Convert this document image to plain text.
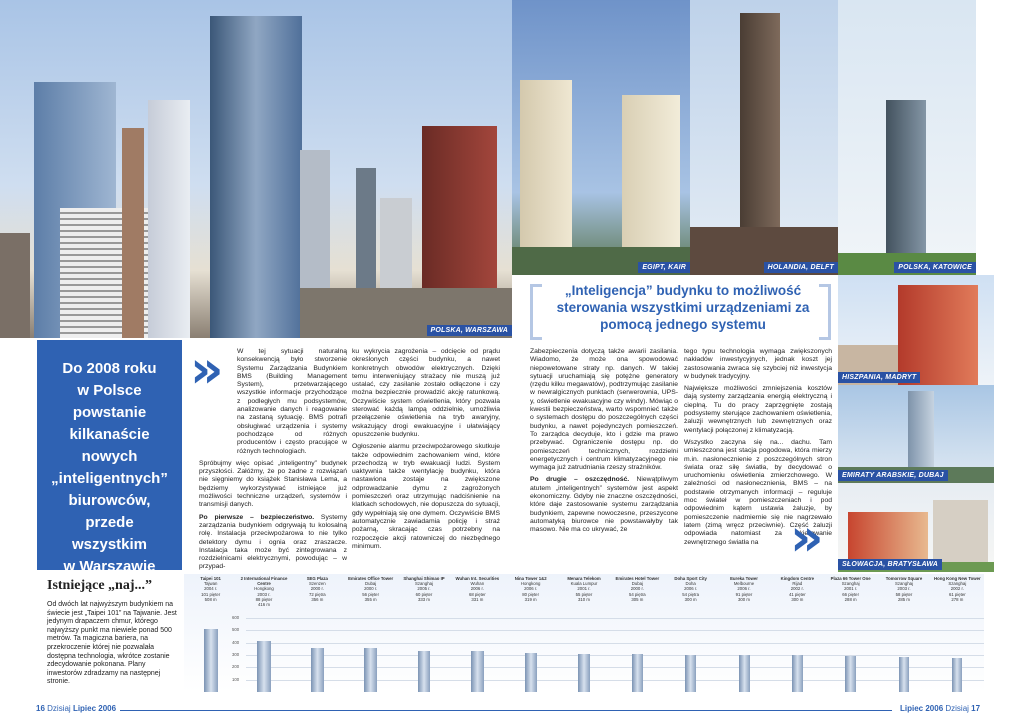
POLSKA, WARSZAWA
Do 2008 roku
w Polsce
powstanie
kilkanaście
nowych
„inteligentnych”
biurowców,
przede
wszystkim
w Warszawie
»	W tej sytuacji naturalną konsekwencją było stworzenie Systemu Zarządzania Budynkiem BMS (Building Management System), przetwarzającego wszystkie informacje przychodzące z podległych mu podsystemów, analizowanie danych i reagowanie na zastaną sytuację. BMS potrafi obsługiwać urządzenia i systemy pochodzące od różnych producentów i często pracujące w różnych technologiach.

Spróbujmy więc opisać „inteligentny” budynek przyszłości. Załóżmy, że po żadne z rozwiązań nie sięgniemy do książek Stanisława Lema, a będziemy wykorzystywać istniejące już możliwości techniczne urządzeń, systemów i transmisji danych.

Po pierwsze – bezpieczeństwo. Systemy zarządzania budynkiem odgrywają tu kolosalną rolę. Instalacja przeciwpożarowa to nie tylko detektory dymu i ognia oraz zraszacze. Instalacja taka może być zintegrowana z rozdzielnicami elektrycznymi, powodując – w przypad-

ku wykrycia zagrożenia – odcięcie od prądu określonych części budynku, a nawet konkretnych obwodów elektrycznych. Dzięki temu interweniujący strażacy nie muszą już ustalać, czy zasilanie zostało odłączone i czy można bezpiecznie prowadzić akcję ratunkową. Oczywiście system oświetlenia, który pozwala sterować każdą lampą oddzielnie, umożliwia przełączenie oświetlenia na tryb awaryjny, wskazujący drogi ewakuacyjne i ułatwiający opuszczenie budynku.

Ogłoszenie alarmu przeciwpożarowego skutkuje także odpowiednim zachowaniem wind, które przechodzą w tryb ewakuacji ludzi. System uaktywnia także wentylację budynku, która nastawiona zostaje na zwiększone odprowadzanie dymu z zagrożonych pomieszczeń oraz utrzymując nadciśnienie na klatkach schodowych, nie dopuszcza do sytuacji, gdy wypełniają się one dymem. Oczywiście BMS automatycznie zawiadamia policję i straż pożarną, skracając czas potrzebny na rozpoczęcie akcji ratowniczej do niezbędnego minimum.

Istniejące „naj...”
Od dwóch lat najwyższym budynkiem na świecie jest „Taipei 101” na Tajwanie. Jest jedynym drapaczem chmur, którego najwyższy punkt ma niewiele ponad 500 metrów. Ta magiczna bariera, na przekroczenie której nie pozwalała dostępna technologia, wkrótce zostanie zdecydowanie pokonana. Plany inwestorów zdradzamy na następnej stronie.
16 Dzisiaj Lipiec 2006
EGIPT, KAIR	HOLANDIA, DELFT	POLSKA, KATOWICE
HISZPANIA, MADRYT
EMIRATY ARABSKIE, DUBAJ
SŁOWACJA, BRATYSŁAWA
„Inteligencja” budynku to możliwość sterowania wszystkimi urządzeniami za pomocą jednego systemu

Zabezpieczenia dotyczą także awarii zasilania. Wiadomo, że może ona spowodować niepowetowane straty np. danych. W takiej sytuacji uruchamiają się potężne generatory (rzędu kilku megawatów), podtrzymując zasilanie w newralgicznych punktach (serwerownia, UPS-y, oświetlenie ewakuacyjne czy windy). Mówiąc o kwestii bezpieczeństwa, warto wspomnieć także o systemach dostępu do poszczególnych części budynku, a nawet pojedynczych pomieszczeń. To zarządca decyduje, kto i gdzie ma prawo przebywać. Ograniczenie dostępu np. do pomieszczeń technicznych, rozdzielni energetycznych i centrum klimatyzacyjnego nie wymaga już zatrudniania rzeszy strażników.

Po drugie – oszczędność. Niewątpliwym atutem „inteligentnych” systemów jest aspekt ekonomiczny. Gdyby nie znaczne oszczędności, które daje zastosowanie systemu zarządzania budynkiem, zapewne nowoczesne, przeszycone automatyką biurowce nie powstawałyby tak masowo. Nie ma co ukrywać, że

tego typu technologia wymaga zwiększonych nakładów inwestycyjnych, jednak koszt jej zastosowania zwraca się szybciej niż inwestycja w budynek tradycyjny.

Największe możliwości zmniejszenia kosztów dają systemy zarządzania energią elektryczną i cieplną. Tu do pracy zaprzęgnięte zostają podsystemy sterujące zachowaniem oświetlenia, żaluzji wewnętrznych lub zewnętrznych oraz wentylacji połączonej z klimatyzacją.

Wszystko zaczyna się na... dachu. Tam umieszczona jest stacja pogodowa, która mierzy m.in. nasłonecznienie z poszczególnych stron świata oraz siłę światła, by decydować o uruchomieniu oświetlenia zmierzchowego. W zależności od nasłonecznienia, BMS – na podstawie otrzymanych informacji – reguluje moc świateł w pomieszczeniach i pod odpowiednim kątem ustawia żaluzje, by pomieszczenie nadmiernie się nie nagrzewało latem (zimą wręcz przeciwnie). Część żaluzji odpowiada natomiast za skierowanie zewnętrznego światła na »
Lipiec 2006 Dzisiaj 17
600
500
400
300
200
100
Taipei 101
Tajwan
2004 r.
101 pięter
508 m
2 International Finance Centre
Hongkong
2003 r.
88 pięter
416 m
SEG Plaza
Szenzen
2000 r.
72 piętra
356 m
Emirates Office Tower
Dubaj
2000 r.
56 pięter
355 m
Shanghai Shimao IP
Szanghaj
2005 r.
60 pięter
333 m
Wuhan Int. Securities
Wuhan
2006 r.
68 pięter
331 m
Nina Tower 1&2
Hongkong
2006 r.
80 pięter
319 m
Menara Telekom
Kuala Lumpur
2001 r.
55 pięter
310 m
Emirates Hotel Tower
Dubaj
2000 r.
54 piętra
305 m
Doha Sport City
Doha
2006 r.
54 piętra
300 m
Eureka Tower
Melbourne
2006 r.
91 pięter
300 m
Kingdom Centre
Rijad
2002 r.
41 pięter
300 m
Plaza 66 Tower One
Szanghaj
2001 r.
66 pięter
288 m
Tomorrow Square
Szanghaj
2003 r.
58 pięter
285 m
Hong Kong New Tower
Szanghaj
2002 r.
61 pięter
278 m
